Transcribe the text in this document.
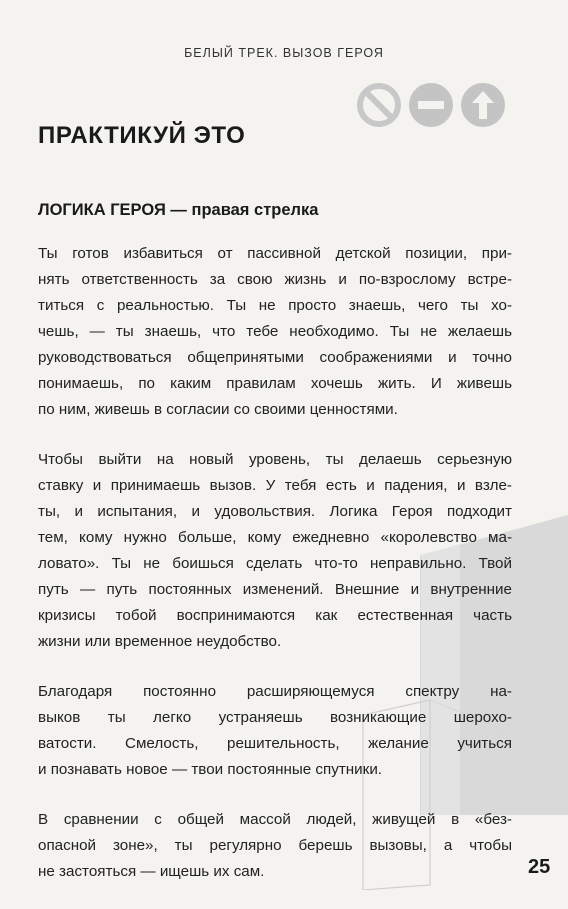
БЕЛЫЙ ТРЕК. ВЫЗОВ ГЕРОЯ
ПРАКТИКУЙ ЭТО
ЛОГИКА ГЕРОЯ — правая стрелка

Ты готов избавиться от пассивной детской позиции, при-
нять ответственность за свою жизнь и по-взрослому встре-
титься с реальностью. Ты не просто знаешь, чего ты хо-
чешь, — ты знаешь, что тебе необходимо. Ты не желаешь
руководствоваться общепринятыми соображениями и точно
понимаешь, по каким правилам хочешь жить. И живешь
по ним, живешь в согласии со своими ценностями.

Чтобы выйти на новый уровень, ты делаешь серьезную
ставку и принимаешь вызов. У тебя есть и падения, и взле-
ты, и испытания, и удовольствия. Логика Героя подходит
тем, кому нужно больше, кому ежедневно «королевство ма-
ловато». Ты не боишься сделать что-то неправильно. Твой
путь — путь постоянных изменений. Внешние и внутренние
кризисы тобой воспринимаются как естественная часть
жизни или временное неудобство.

Благодаря постоянно расширяющемуся спектру на-
выков ты легко устраняешь возникающие шерохо-
ватости. Смелость, решительность, желание учиться
и познавать новое — твои постоянные спутники.

В сравнении с общей массой людей, живущей в «без-
опасной зоне», ты регулярно берешь вызовы, а чтобы
не застояться — ищешь их сам.	25
